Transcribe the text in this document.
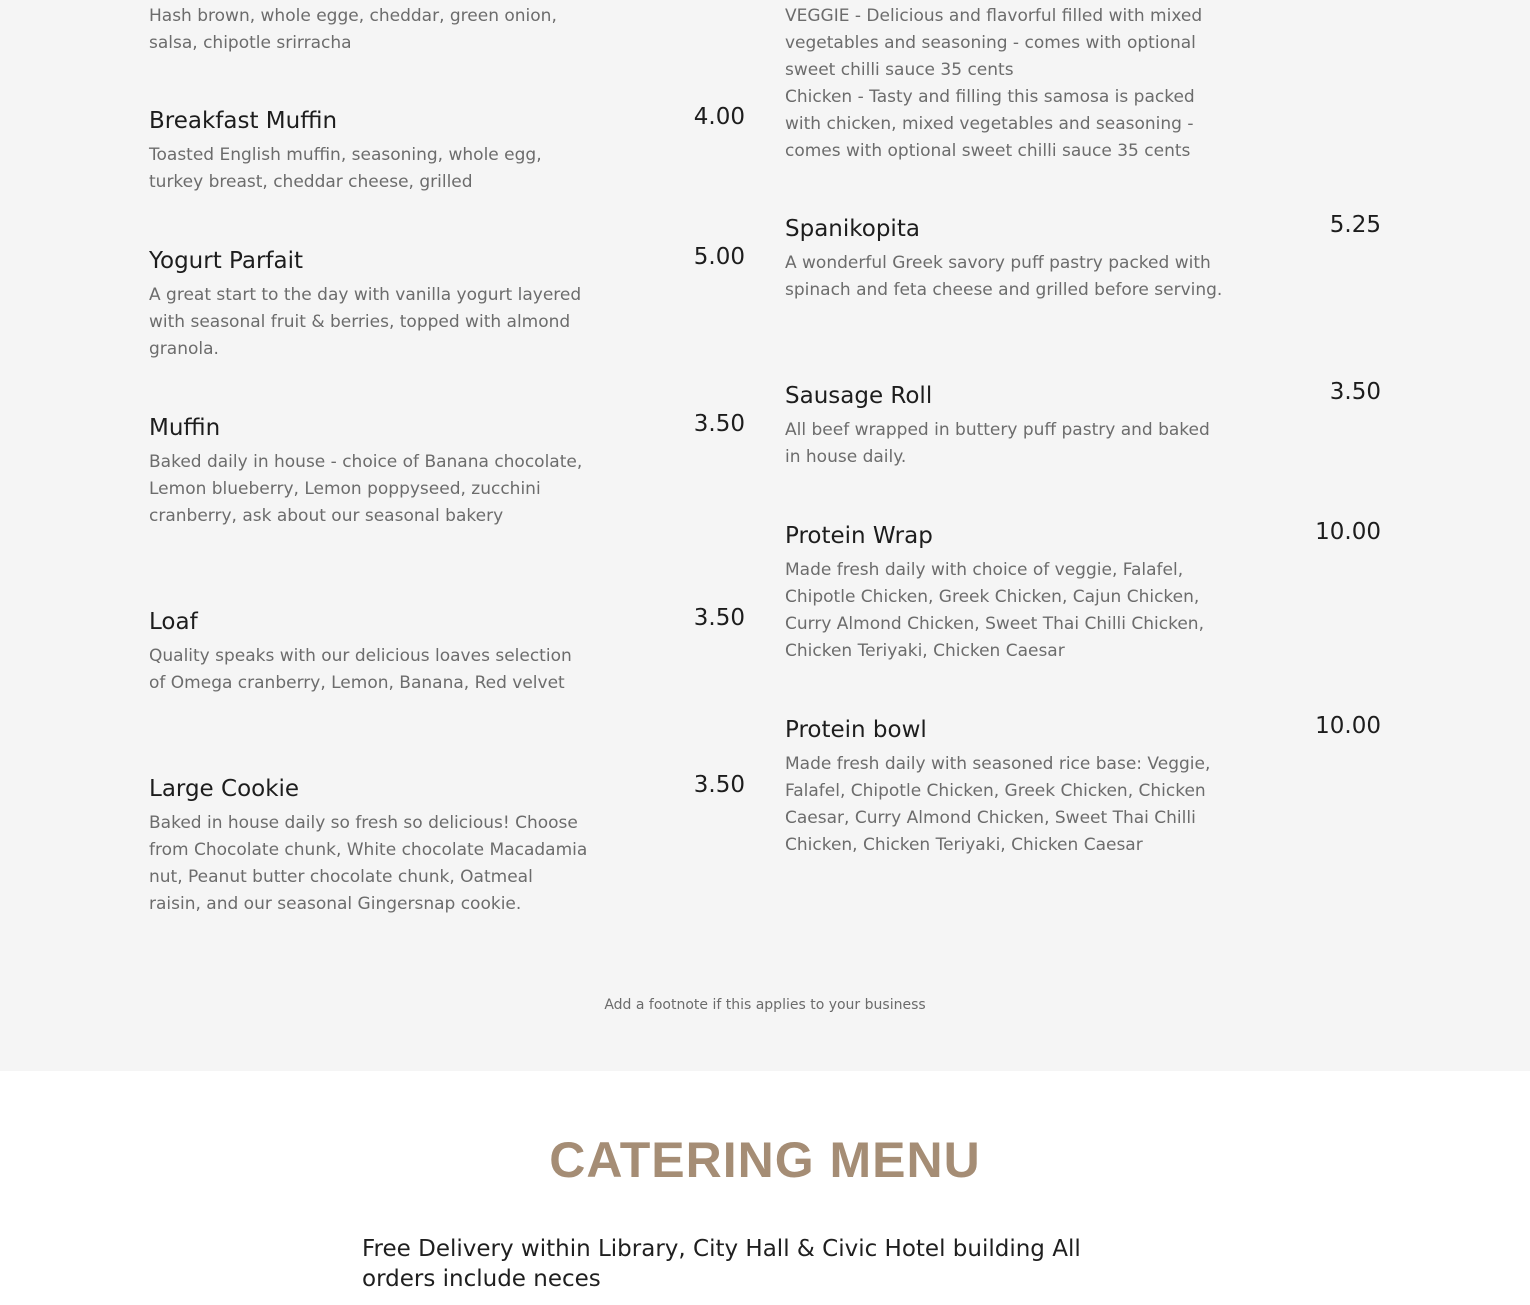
Hash brown, whole egge, cheddar, green onion, salsa, chipotle srirracha
Breakfast Muffin	4.00
Toasted English muffin, seasoning, whole egg, turkey breast, cheddar cheese, grilled
Yogurt Parfait	5.00
A great start to the day with vanilla yogurt layered with seasonal fruit & berries, topped with almond granola.
Muffin	3.50
Baked daily in house - choice of Banana chocolate, Lemon blueberry, Lemon poppyseed, zucchini cranberry, ask about our seasonal bakery
Loaf	3.50
Quality speaks with our delicious loaves selection of Omega cranberry, Lemon, Banana, Red velvet
Large Cookie	3.50
Baked in house daily so fresh so delicious! Choose from Chocolate chunk, White chocolate Macadamia nut, Peanut butter chocolate chunk, Oatmeal raisin, and our seasonal Gingersnap cookie.
VEGGIE - Delicious and flavorful filled with mixed vegetables and seasoning - comes with optional sweet chilli sauce 35 cents
Chicken - Tasty and filling this samosa is packed with chicken, mixed vegetables and seasoning - comes with optional sweet chilli sauce 35 cents
Spanikopita	5.25
A wonderful Greek savory puff pastry packed with spinach and feta cheese and grilled before serving.
Sausage Roll	3.50
All beef wrapped in buttery puff pastry and baked in house daily.
Protein Wrap	10.00
Made fresh daily with choice of veggie, Falafel, Chipotle Chicken, Greek Chicken, Cajun Chicken, Curry Almond Chicken, Sweet Thai Chilli Chicken, Chicken Teriyaki, Chicken Caesar
Protein bowl	10.00
Made fresh daily with seasoned rice base: Veggie, Falafel, Chipotle Chicken, Greek Chicken, Chicken Caesar, Curry Almond Chicken, Sweet Thai Chilli Chicken, Chicken Teriyaki, Chicken Caesar
Add a footnote if this applies to your business
CATERING MENU
Free Delivery within Library, City Hall & Civic Hotel building All orders include neces
